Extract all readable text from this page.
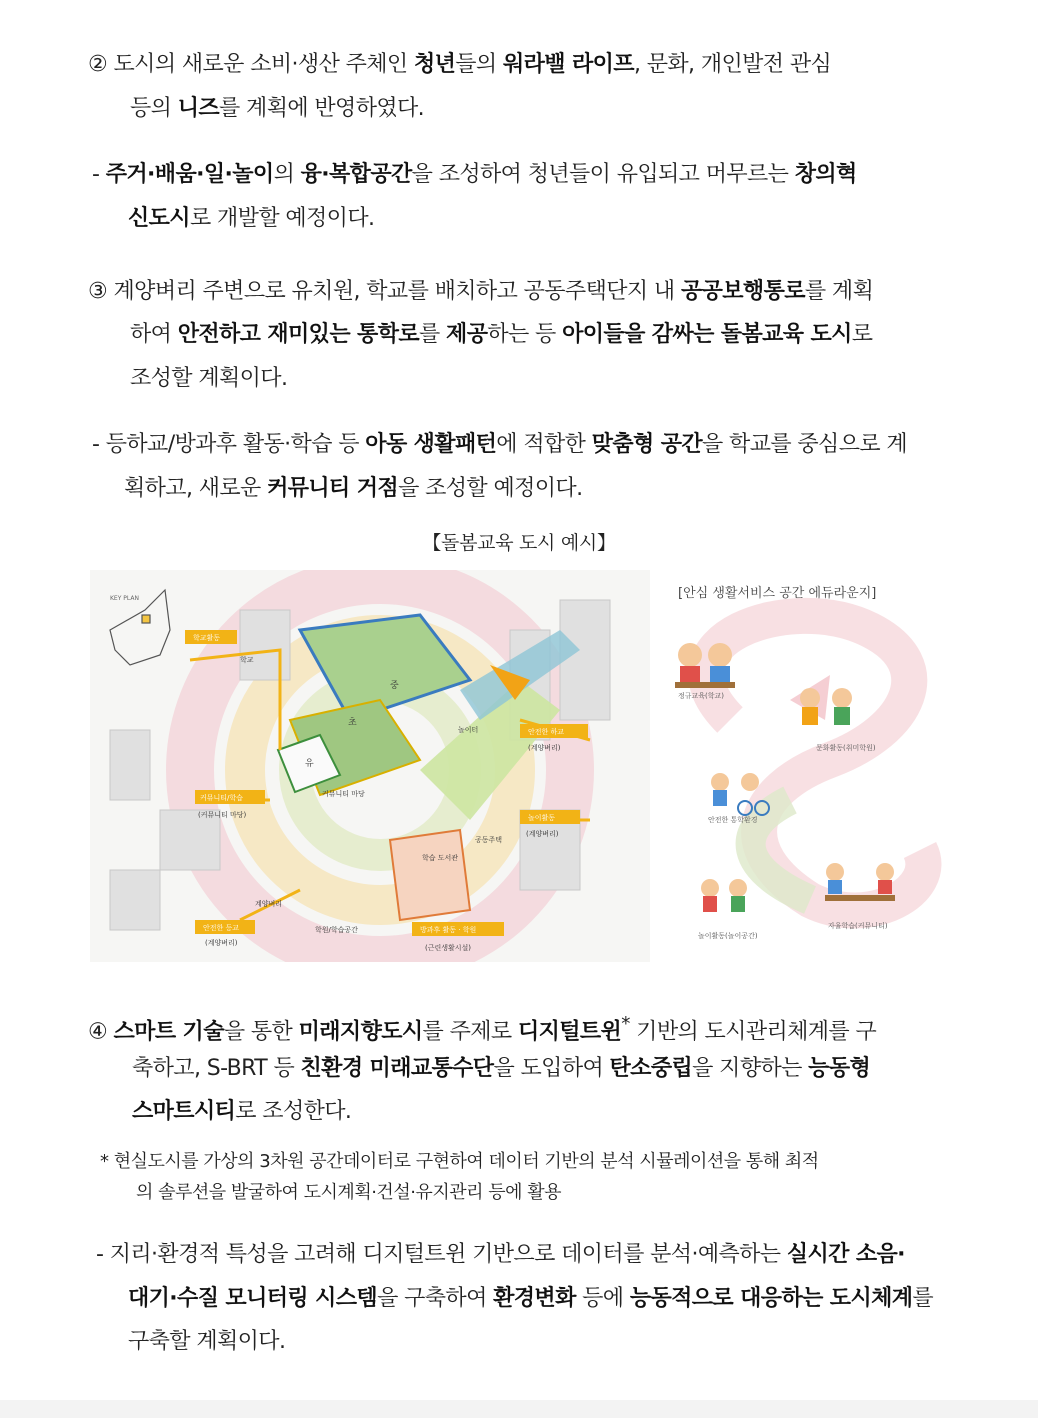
② 도시의 새로운 소비·생산 주체인 청년들의 워라밸 라이프, 문화, 개인발전 관심
등의 니즈를 계획에 반영하였다.
- 주거·배움·일·놀이의 융·복합공간을 조성하여 청년들이 유입되고 머무르는 창의혁
신도시로 개발할 예정이다.
③ 계양벼리 주변으로 유치원, 학교를 배치하고 공동주택단지 내 공공보행통로를 계획
하여 안전하고 재미있는 통학로를 제공하는 등 아이들을 감싸는 돌봄교육 도시로
조성할 계획이다.
- 등하교/방과후 활동·학습 등 아동 생활패턴에 적합한 맞춤형 공간을 학교를 중심으로 계
획하고, 새로운 커뮤니티 거점을 조성할 예정이다.
【돌봄교육 도시 예시】
KEY PLAN
학교활동
학교
중
초
유
놀이터
커뮤니티 마당
커뮤니티/학습
(커뮤니티 마당)
안전한 하교
(계양벼리)
놀이활동
(계양벼리)
공동주택
학습 도서관
계양벼리
안전한 등교
(계양벼리)
학원/학습공간	방과후 활동 · 학원
(근린생활시설)
[안심 생활서비스 공간 에듀라운지]
정규교육(학교)
문화활동(취미학원)
안전한 통학환경
놀이활동(놀이공간)
자율학습(커뮤니티)
④ 스마트 기술을 통한 미래지향도시를 주제로 디지털트윈* 기반의 도시관리체계를 구
축하고, S-BRT 등 친환경 미래교통수단을 도입하여 탄소중립을 지향하는 능동형
스마트시티로 조성한다.
* 현실도시를 가상의 3차원 공간데이터로 구현하여 데이터 기반의 분석 시뮬레이션을 통해 최적
의 솔루션을 발굴하여 도시계획·건설·유지관리 등에 활용
- 지리·환경적 특성을 고려해 디지털트윈 기반으로 데이터를 분석·예측하는 실시간 소음·
대기·수질 모니터링 시스템을 구축하여 환경변화 등에 능동적으로 대응하는 도시체계를
구축할 계획이다.
